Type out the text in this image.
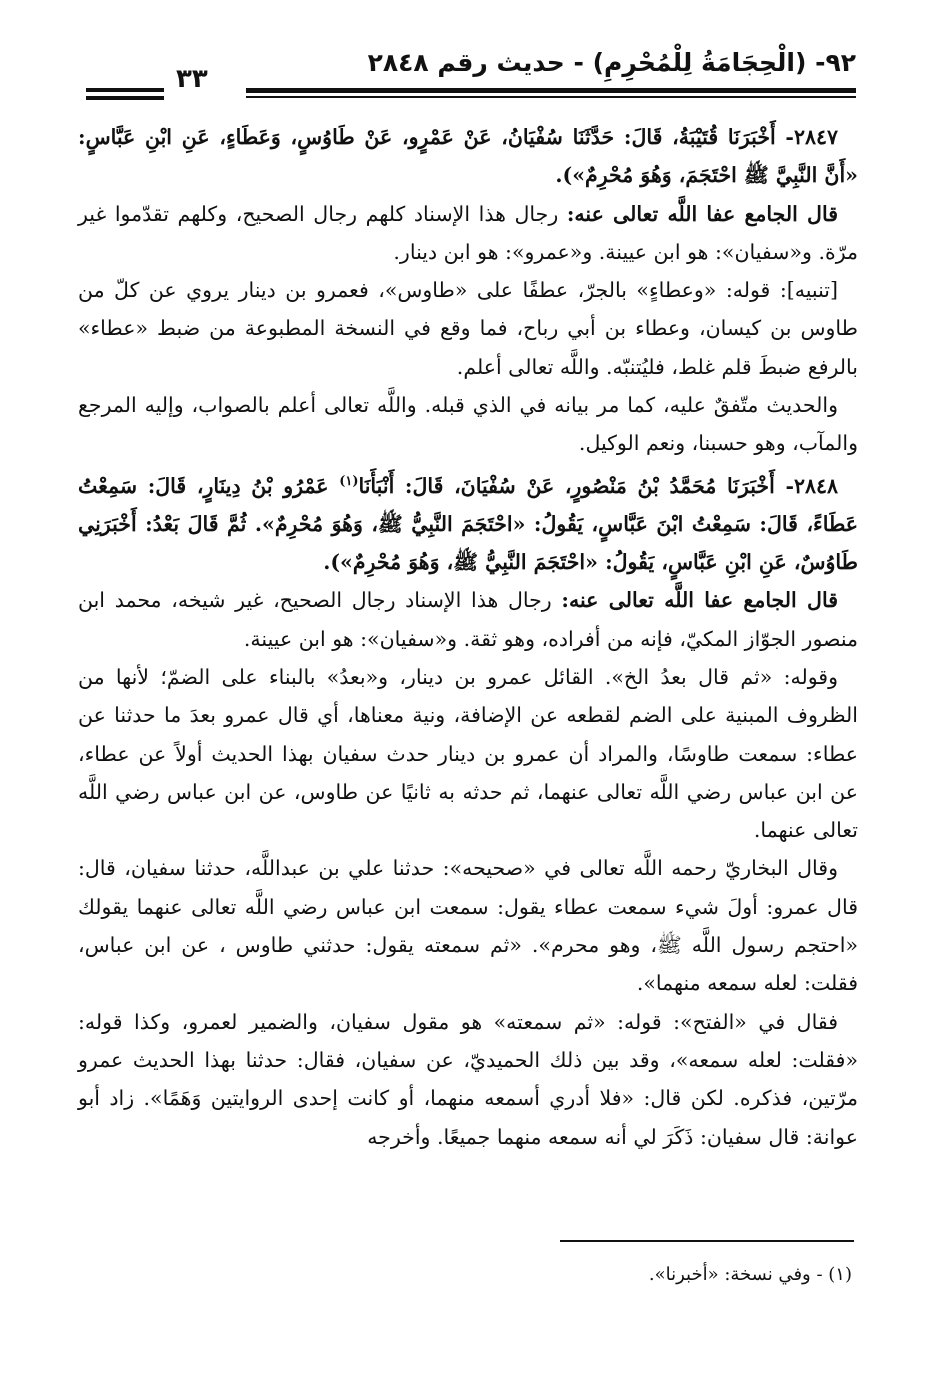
٩٢- (الْحِجَامَةُ لِلْمُحْرِمِ) - حديث رقم ٢٨٤٨
٣٣

٢٨٤٧- أَخْبَرَنَا قُتَيْبَةُ، قَالَ: حَدَّثَنَا سُفْيَانُ، عَنْ عَمْرٍو، عَنْ طَاوُسٍ، وَعَطَاءٍ، عَنِ ابْنِ عَبَّاسٍ: «أَنَّ النَّبِيَّ ﷺ احْتَجَمَ، وَهُوَ مُحْرِمٌ»).

قال الجامع عفا اللَّه تعالى عنه: رجال هذا الإسناد كلهم رجال الصحيح، وكلهم تقدّموا غير مرّة. و«سفيان»: هو ابن عيينة. و«عمرو»: هو ابن دينار.

[تنبيه]: قوله: «وعطاءٍ» بالجرّ، عطفًا على «طاوس»، فعمرو بن دينار يروي عن كلّ من طاوس بن كيسان، وعطاء بن أبي رباح، فما وقع في النسخة المطبوعة من ضبط «عطاء» بالرفع ضبطَ قلم غلط، فليُتنبّه. واللَّه تعالى أعلم.

والحديث متّفقٌ عليه، كما مر بيانه في الذي قبله. واللَّه تعالى أعلم بالصواب، وإليه المرجع والمآب، وهو حسبنا، ونعم الوكيل.

٢٨٤٨- أَخْبَرَنَا مُحَمَّدُ بْنُ مَنْصُورٍ، عَنْ سُفْيَانَ، قَالَ: أَنْبَأَنَا$^{(١)}$ عَمْرُو بْنُ دِينَارٍ، قَالَ: سَمِعْتُ عَطَاءً، قَالَ: سَمِعْتُ ابْنَ عَبَّاسٍ، يَقُولُ: «احْتَجَمَ النَّبِيُّ ﷺ، وَهُوَ مُحْرِمٌ». ثُمَّ قَالَ بَعْدُ: أَخْبَرَنِي طَاوُسٌ، عَنِ ابْنِ عَبَّاسٍ، يَقُولُ: «احْتَجَمَ النَّبِيُّ ﷺ، وَهُوَ مُحْرِمٌ»).

قال الجامع عفا اللَّه تعالى عنه: رجال هذا الإسناد رجال الصحيح، غير شيخه، محمد ابن منصور الجوّاز المكيّ، فإنه من أفراده، وهو ثقة. و«سفيان»: هو ابن عيينة.

وقوله: «ثم قال بعدُ الخ». القائل عمرو بن دينار، و«بعدُ» بالبناء على الضمّ؛ لأنها من الظروف المبنية على الضم لقطعه عن الإضافة، ونية معناها، أي قال عمرو بعدَ ما حدثنا عن عطاء: سمعت طاوسًا، والمراد أن عمرو بن دينار حدث سفيان بهذا الحديث أولاً عن عطاء، عن ابن عباس رضي اللَّه تعالى عنهما، ثم حدثه به ثانيًا عن طاوس، عن ابن عباس رضي اللَّه تعالى عنهما.

وقال البخاريّ رحمه اللَّه تعالى في «صحيحه»: حدثنا علي بن عبداللَّه، حدثنا سفيان، قال: قال عمرو: أولَ شيء سمعت عطاء يقول: سمعت ابن عباس رضي اللَّه تعالى عنهما يقولك «احتجم رسول اللَّه ﷺ، وهو محرم». «ثم سمعته يقول: حدثني طاوس ، عن ابن عباس، فقلت: لعله سمعه منهما».

فقال في «الفتح»: قوله: «ثم سمعته» هو مقول سفيان، والضمير لعمرو، وكذا قوله: «فقلت: لعله سمعه»، وقد بين ذلك الحميديّ، عن سفيان، فقال: حدثنا بهذا الحديث عمرو مرّتين، فذكره. لكن قال: «فلا أدري أسمعه منهما، أو كانت إحدى الروايتين وَهَمًا». زاد أبو عوانة: قال سفيان: ذَكَرَ لي أنه سمعه منهما جميعًا. وأخرجه

(١) - وفي نسخة: «أخبرنا».
